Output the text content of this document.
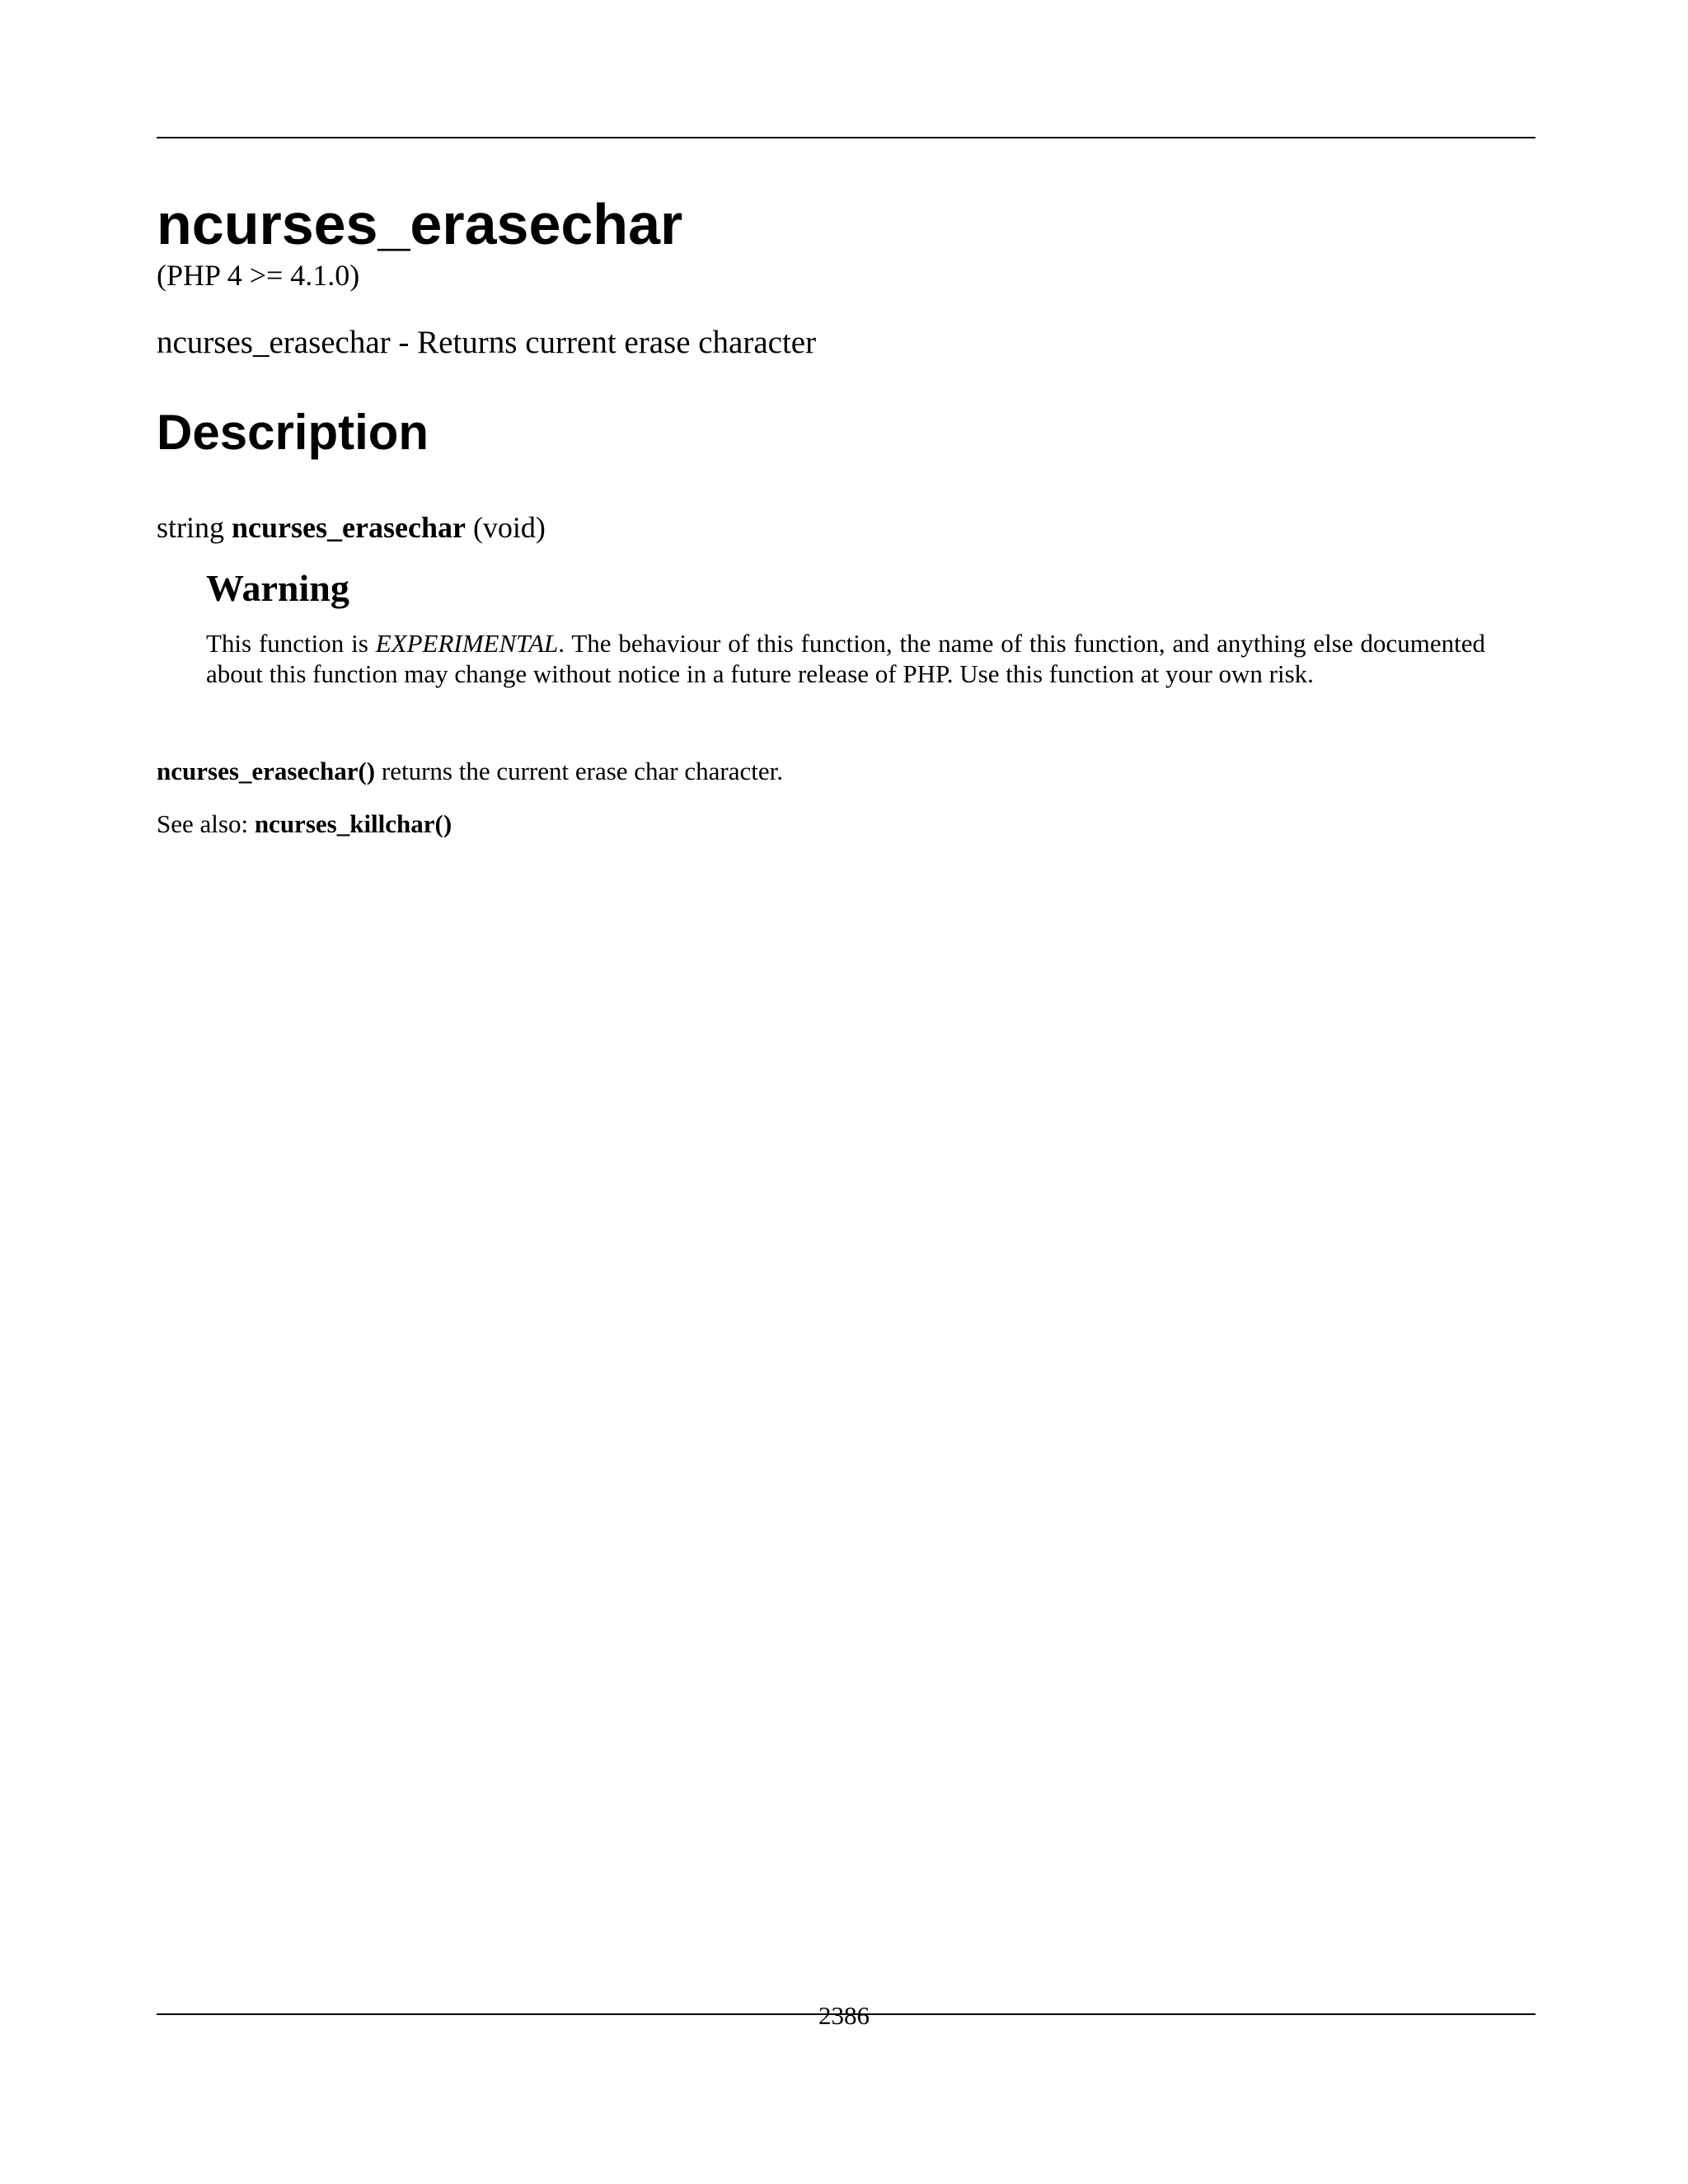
ncurses_erasechar

(PHP 4 >= 4.1.0)

ncurses_erasechar - Returns current erase character

Description

string ncurses_erasechar (void)

Warning

This function is EXPERIMENTAL. The behaviour of this function, the name of this function, and anything else documented about this function may change without notice in a future release of PHP. Use this function at your own risk.

ncurses_erasechar() returns the current erase char character.

See also: ncurses_killchar()

2386
